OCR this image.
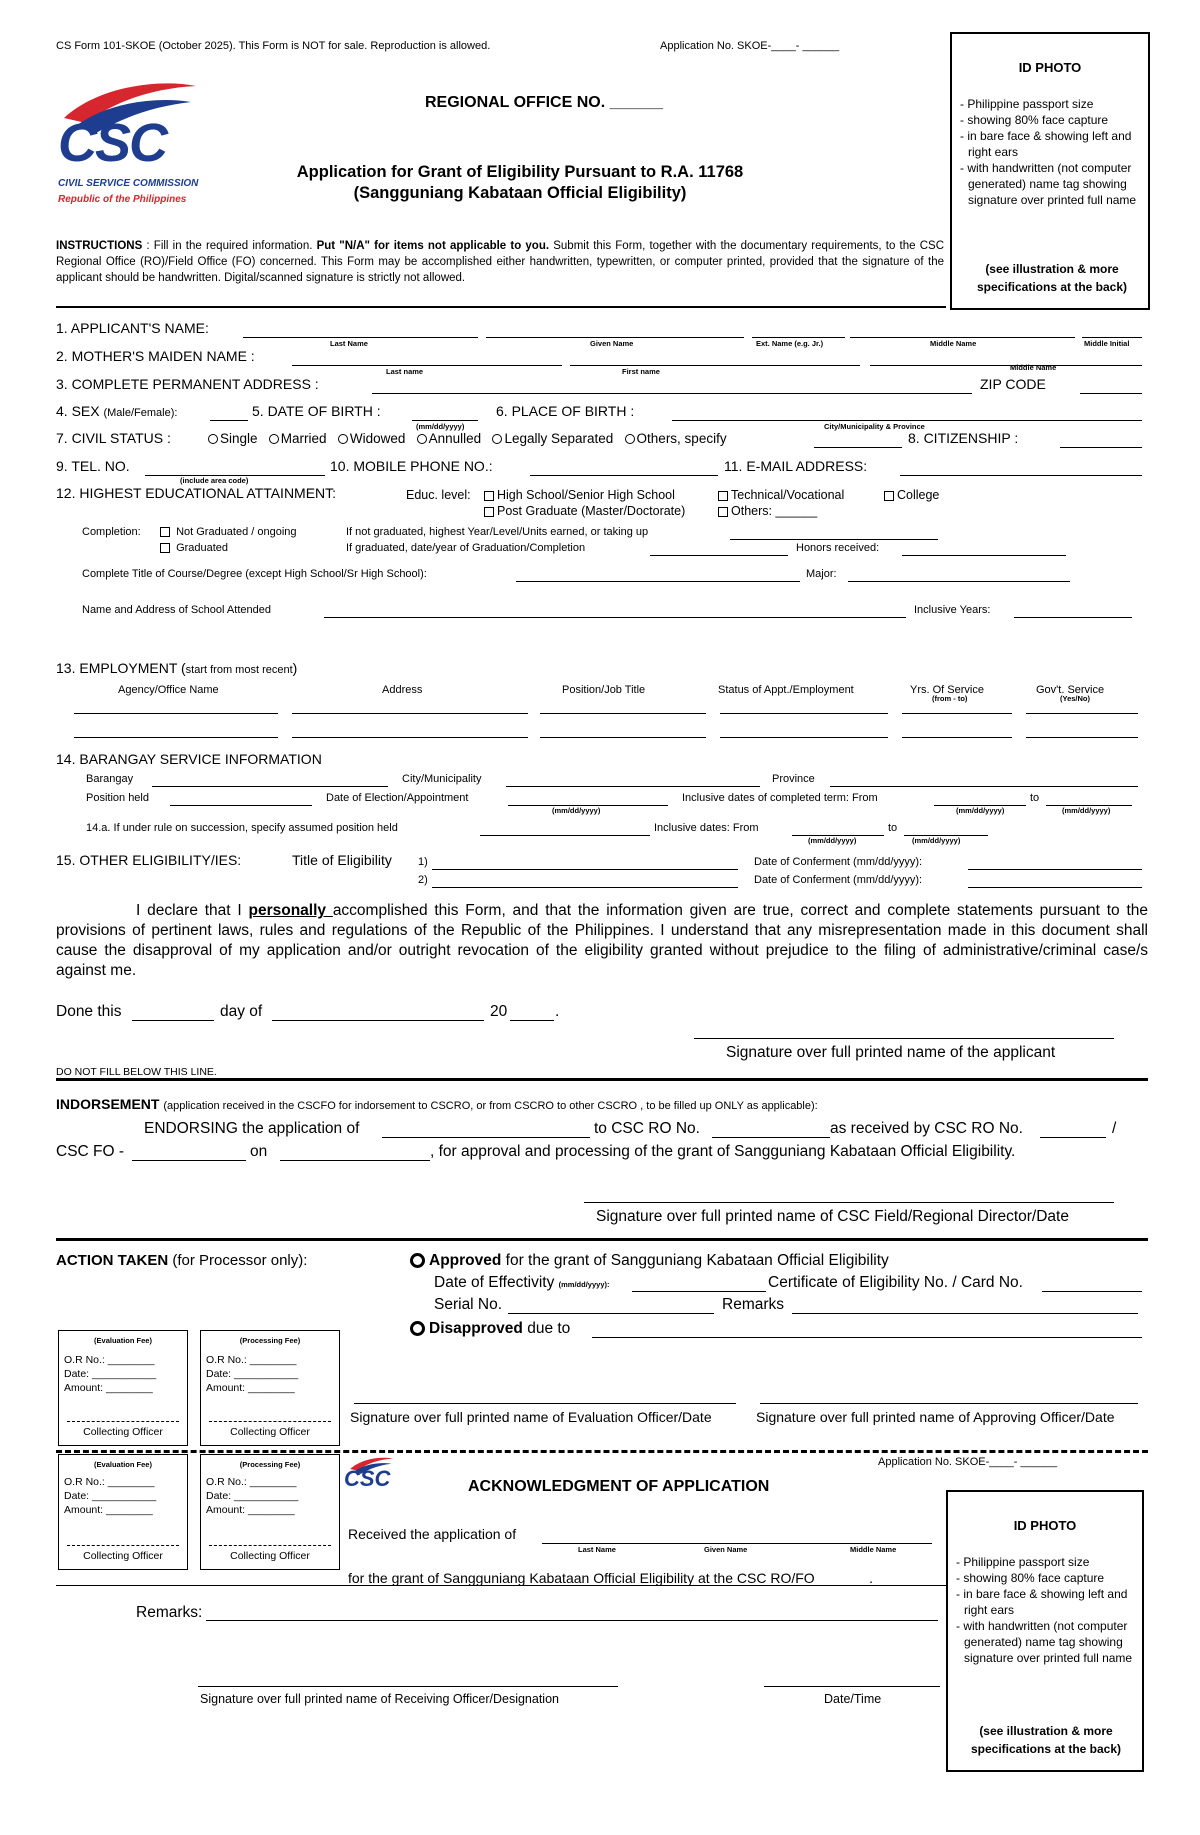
CS Form 101-SKOE (October 2025). This Form is NOT for sale. Reproduction is allowed.	Application No. SKOE-____- ______
CSC
CIVIL SERVICE COMMISSION
Republic of the Philippines
REGIONAL OFFICE NO. ______
Application for Grant of Eligibility Pursuant to R.A. 11768
(Sangguniang Kabataan Official Eligibility)
ID PHOTO
- Philippine passport size
- showing 80% face capture
- in bare face & showing left and right ears
- with handwritten (not computer generated) name tag showing signature over printed full name
(see illustration & more specifications at the back)
INSTRUCTIONS : Fill in the required information. Put "N/A" for items not applicable to you. Submit this Form, together with the documentary requirements, to the CSC Regional Office (RO)/Field Office (FO) concerned. This Form may be accomplished either handwritten, typewritten, or computer printed, provided that the signature of the applicant should be handwritten. Digital/scanned signature is strictly not allowed.
1. APPLICANT'S NAME:
Last Name	Given Name	Ext. Name (e.g. Jr.)	Middle Name	Middle Initial
2. MOTHER'S MAIDEN NAME :
Last name	First name	Middle Name
3. COMPLETE PERMANENT ADDRESS :	ZIP CODE
4. SEX (Male/Female):	5. DATE OF BIRTH :
(mm/dd/yyyy)
6. PLACE OF BIRTH :
City/Municipality & Province
7. CIVIL STATUS :	Single Married Widowed Annulled Legally Separated Others, specify	8. CITIZENSHIP :
9. TEL. NO.
(include area code)
10. MOBILE PHONE NO.:	11. E-MAIL ADDRESS:
12. HIGHEST EDUCATIONAL ATTAINMENT:	Educ. level:	High School/Senior High School	Technical/Vocational	College
Post Graduate (Master/Doctorate)	Others: ______
Completion:	Not Graduated / ongoing
Graduated
If not graduated, highest Year/Level/Units earned, or taking up
If graduated, date/year of Graduation/Completion	Honors received:
Complete Title of Course/Degree (except High School/Sr High School):	Major:
Name and Address of School Attended	Inclusive Years:
13. EMPLOYMENT (start from most recent)
Agency/Office Name	Address	Position/Job Title	Status of Appt./Employment	Yrs. Of Service	Gov't. Service
(from - to)	(Yes/No)
14. BARANGAY SERVICE INFORMATION
Barangay	City/Municipality	Province
Position held	Date of Election/Appointment
(mm/dd/yyyy)
Inclusive dates of completed term: From
(mm/dd/yyyy)
to
(mm/dd/yyyy)
14.a. If under rule on succession, specify assumed position held	Inclusive dates: From
(mm/dd/yyyy)
to
(mm/dd/yyyy)
15. OTHER ELIGIBILITY/IES:	Title of Eligibility 1)	Date of Conferment (mm/dd/yyyy):
2)	Date of Conferment (mm/dd/yyyy):
I declare that I personally accomplished this Form, and that the information given are true, correct and complete statements pursuant to the provisions of pertinent laws, rules and regulations of the Republic of the Philippines. I understand that any misrepresentation made in this document shall cause the disapproval of my application and/or outright revocation of the eligibility granted without prejudice to the filing of administrative/criminal case/s against me.
Done this	day of	20	.
Signature over full printed name of the applicant
DO NOT FILL BELOW THIS LINE.
INDORSEMENT (application received in the CSCFO for indorsement to CSCRO, or from CSCRO to other CSCRO , to be filled up ONLY as applicable):
ENDORSING the application of	to CSC RO No.	as received by CSC RO No.	/
CSC FO -	on	, for approval and processing of the grant of Sangguniang Kabataan Official Eligibility.
Signature over full printed name of CSC Field/Regional Director/Date
ACTION TAKEN (for Processor only):	Approved for the grant of Sangguniang Kabataan Official Eligibility
Date of Effectivity (mm/dd/yyyy):	Certificate of Eligibility No. / Card No.
Serial No.	Remarks
Disapproved due to
Signature over full printed name of Evaluation Officer/Date	Signature over full printed name of Approving Officer/Date
(Evaluation Fee)
O.R No.: ________
Date: ___________
Amount: ________
Collecting Officer
(Processing Fee)
O.R No.: ________
Date: ___________
Amount: ________
Collecting Officer
(Evaluation Fee)
O.R No.: ________
Date: ___________
Amount: ________
Collecting Officer
(Processing Fee)
O.R No.: ________
Date: ___________
Amount: ________
Collecting Officer
CSC
Application No. SKOE-____- ______
ACKNOWLEDGMENT OF APPLICATION
ID PHOTO
- Philippine passport size
- showing 80% face capture
- in bare face & showing left and right ears
- with handwritten (not computer generated) name tag showing signature over printed full name
(see illustration & more specifications at the back)
Received the application of
Last Name	Given Name	Middle Name
for the grant of Sangguniang Kabataan Official Eligibility at the CSC RO/FO_______.
Remarks:
Signature over full printed name of Receiving Officer/Designation	Date/Time
